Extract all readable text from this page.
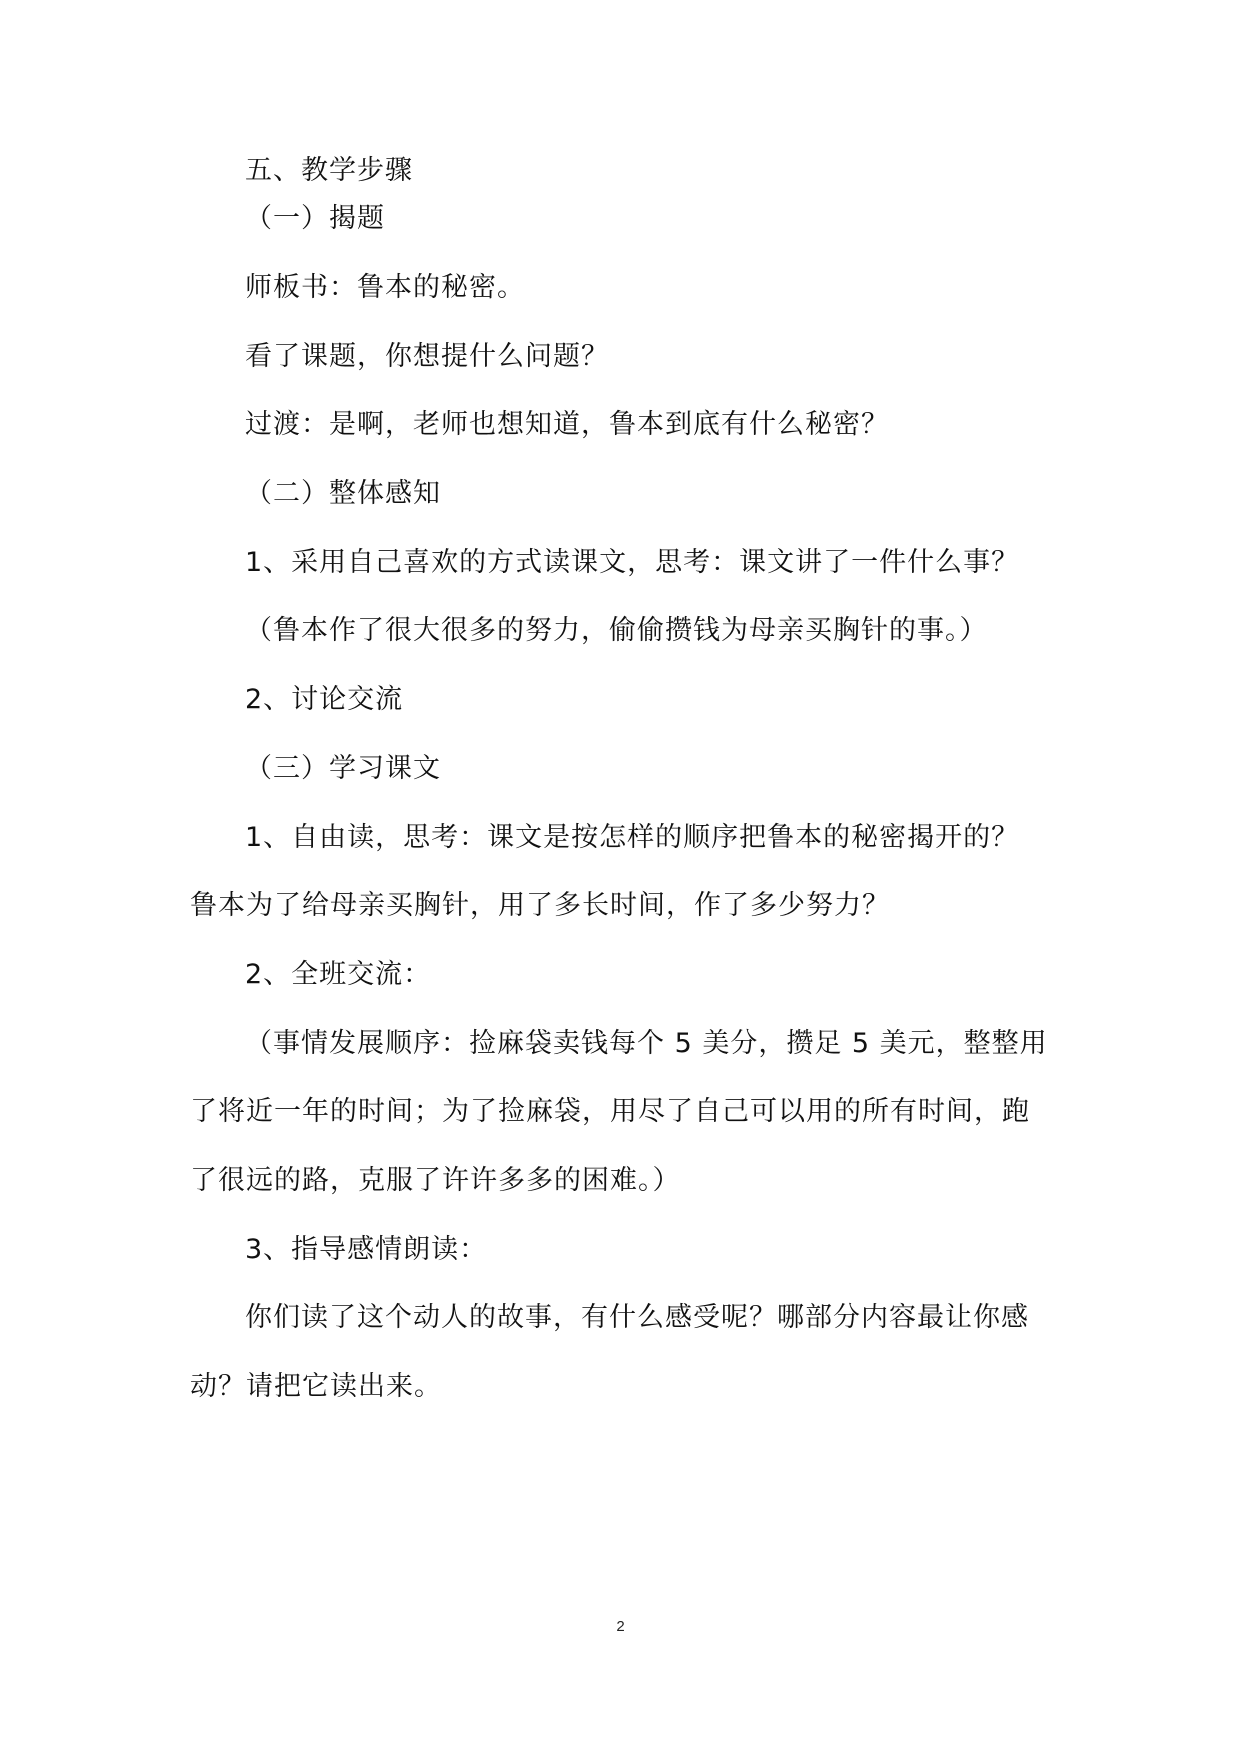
五、教学步骤
（一）揭题
师板书：鲁本的秘密。
看了课题，你想提什么问题？
过渡：是啊，老师也想知道，鲁本到底有什么秘密？
（二）整体感知
1、采用自己喜欢的方式读课文，思考：课文讲了一件什么事？
（鲁本作了很大很多的努力，偷偷攒钱为母亲买胸针的事。）
2、讨论交流
（三）学习课文
1、自由读，思考：课文是按怎样的顺序把鲁本的秘密揭开的？
鲁本为了给母亲买胸针，用了多长时间，作了多少努力？
2、全班交流：
（事情发展顺序：捡麻袋卖钱每个 5 美分，攒足 5 美元，整整用
了将近一年的时间；为了捡麻袋，用尽了自己可以用的所有时间，跑
了很远的路，克服了许许多多的困难。）
3、指导感情朗读：
你们读了这个动人的故事，有什么感受呢？哪部分内容最让你感
动？请把它读出来。
2
